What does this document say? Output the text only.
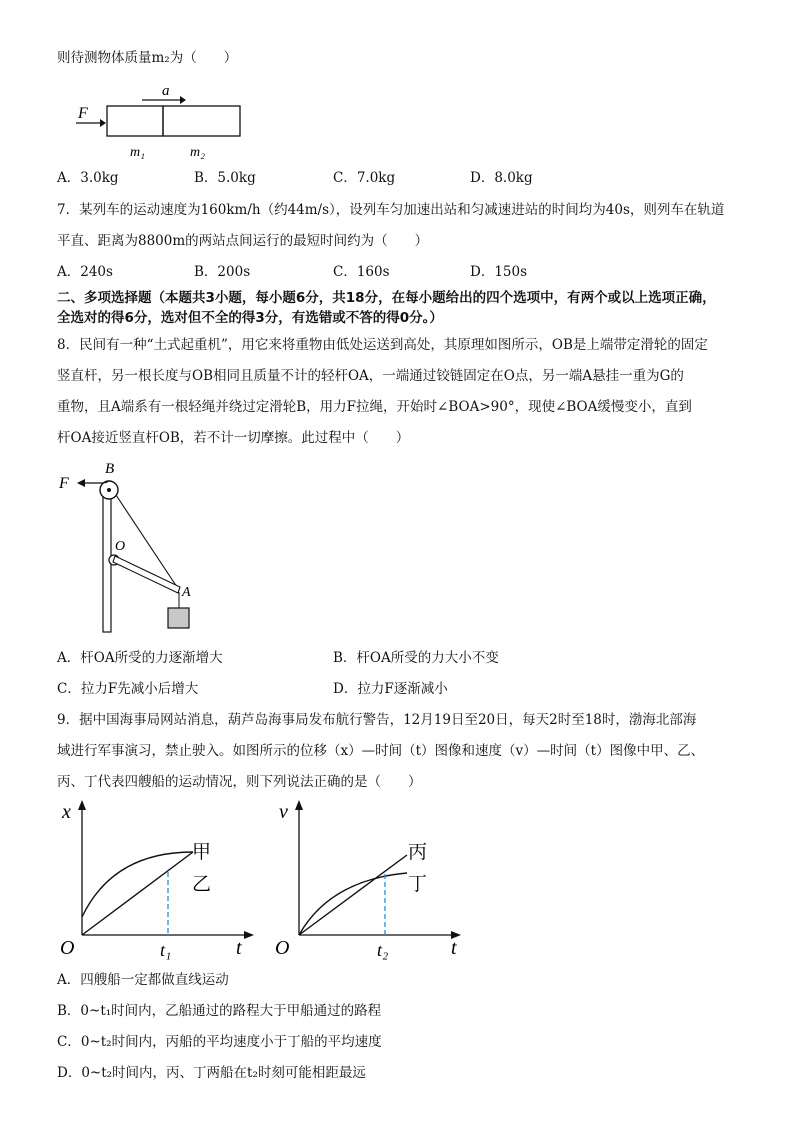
则待测物体质量m₂为（　　）
F
a
m₁	m₂
A．3.0kg	B．5.0kg	C．7.0kg	D．8.0kg
7．某列车的运动速度为160km/h（约44m/s），设列车匀加速出站和匀减速进站的时间均为40s，则列车在轨道
平直、距离为8800m的两站点间运行的最短时间约为（　　）
A．240s	B．200s	C．160s	D．150s
二、多项选择题（本题共3小题，每小题6分，共18分，在每小题给出的四个选项中，有两个或以上选项正确，
全选对的得6分，选对但不全的得3分，有选错或不答的得0分。）
8．民间有一种“土式起重机”，用它来将重物由低处运送到高处，其原理如图所示，OB是上端带定滑轮的固定
竖直杆，另一根长度与OB相同且质量不计的轻杆OA，一端通过铰链固定在O点，另一端A悬挂一重为G的
重物，且A端系有一根轻绳并绕过定滑轮B，用力F拉绳，开始时∠BOA>90°，现使∠BOA缓慢变小，直到
杆OA接近竖直杆OB，若不计一切摩擦。此过程中（　　）
F
B
O
A
A．杆OA所受的力逐渐增大	B．杆OA所受的力大小不变
C．拉力F先减小后增大	D．拉力F逐渐减小
9．据中国海事局网站消息，葫芦岛海事局发布航行警告，12月19日至20日，每天2时至18时，渤海北部海
域进行军事演习，禁止驶入。如图所示的位移（x）—时间（t）图像和速度（v）—时间（t）图像中甲、乙、
丙、丁代表四艘船的运动情况，则下列说法正确的是（　　）
x
t
O	t₁
甲
乙
v
t
O	t₂
丙
丁
A．四艘船一定都做直线运动
B．0~t₁时间内，乙船通过的路程大于甲船通过的路程
C．0~t₂时间内，丙船的平均速度小于丁船的平均速度
D．0~t₂时间内，丙、丁两船在t₂时刻可能相距最远
